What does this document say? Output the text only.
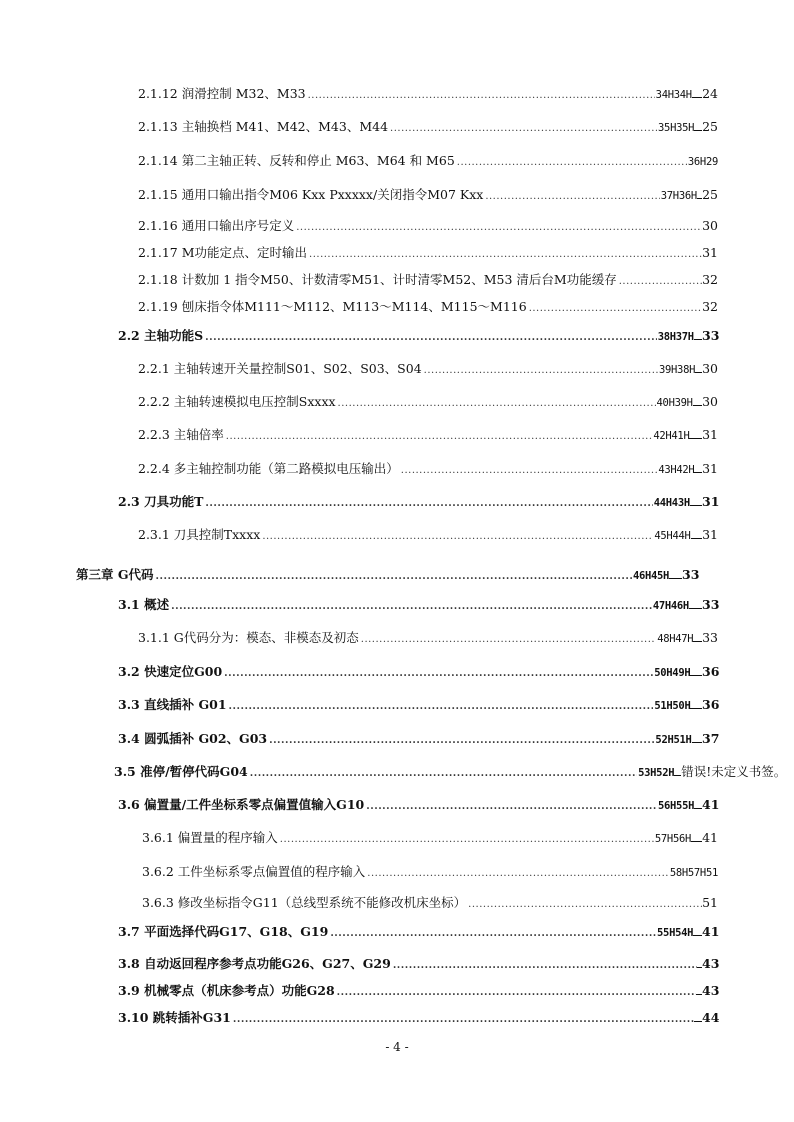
2.1.12 润滑控制 M32、M33 .....	34H34H 24
2.1.13 主轴换档 M41、M42、M43、M44 .....	35H35H 25
2.1.14 第二主轴正转、反转和停止 M63、M64 和 M65 .....	36H29
2.1.15 通用口输出指令M06 Kxx Pxxxxx/关闭指令M07 Kxx .....	37H36H 25
2.1.16 通用口输出序号定义 .....	30
2.1.17 M功能定点、定时输出 .....	31
2.1.18 计数加 1 指令M50、计数清零M51、计时清零M52、M53 清后台M功能缓存 .....	32
2.1.19 刨床指令体M111～M112、M113～M114、M115～M116 .....	32
2.2 主轴功能S .....	38H37H 33
2.2.1 主轴转速开关量控制S01、S02、S03、S04 .....	39H38H 30
2.2.2 主轴转速模拟电压控制Sxxxx .....	40H39H 30
2.2.3 主轴倍率 .....	42H41H 31
2.2.4 多主轴控制功能（第二路模拟电压输出） .....	43H42H 31
2.3 刀具功能T .....	44H43H 31
2.3.1 刀具控制Txxxx .....	45H44H 31
第三章 G代码 .....	46H45H 33
3.1 概述 .....	47H46H 33
3.1.1 G代码分为：模态、非模态及初态 .....	48H47H 33
3.2 快速定位G00 .....	50H49H 36
3.3 直线插补 G01 .....	51H50H 36
3.4 圆弧插补 G02、G03 .....	52H51H 37
3.5 准停/暂停代码G04 .....	53H52H 错误!未定义书签。
3.6 偏置量/工件坐标系零点偏置值输入G10 .....	56H55H 41
3.6.1 偏置量的程序输入 .....	57H56H 41
3.6.2 工件坐标系零点偏置值的程序输入 .....	58H57H51
3.6.3 修改坐标指令G11（总线型系统不能修改机床坐标） .....	51
3.7 平面选择代码G17、G18、G19 .....	55H54H 41
3.8 自动返回程序参考点功能G26、G27、G29 .....	43
3.9 机械零点（机床参考点）功能G28 .....	43
3.10 跳转插补G31 .....	44
- 4 -
